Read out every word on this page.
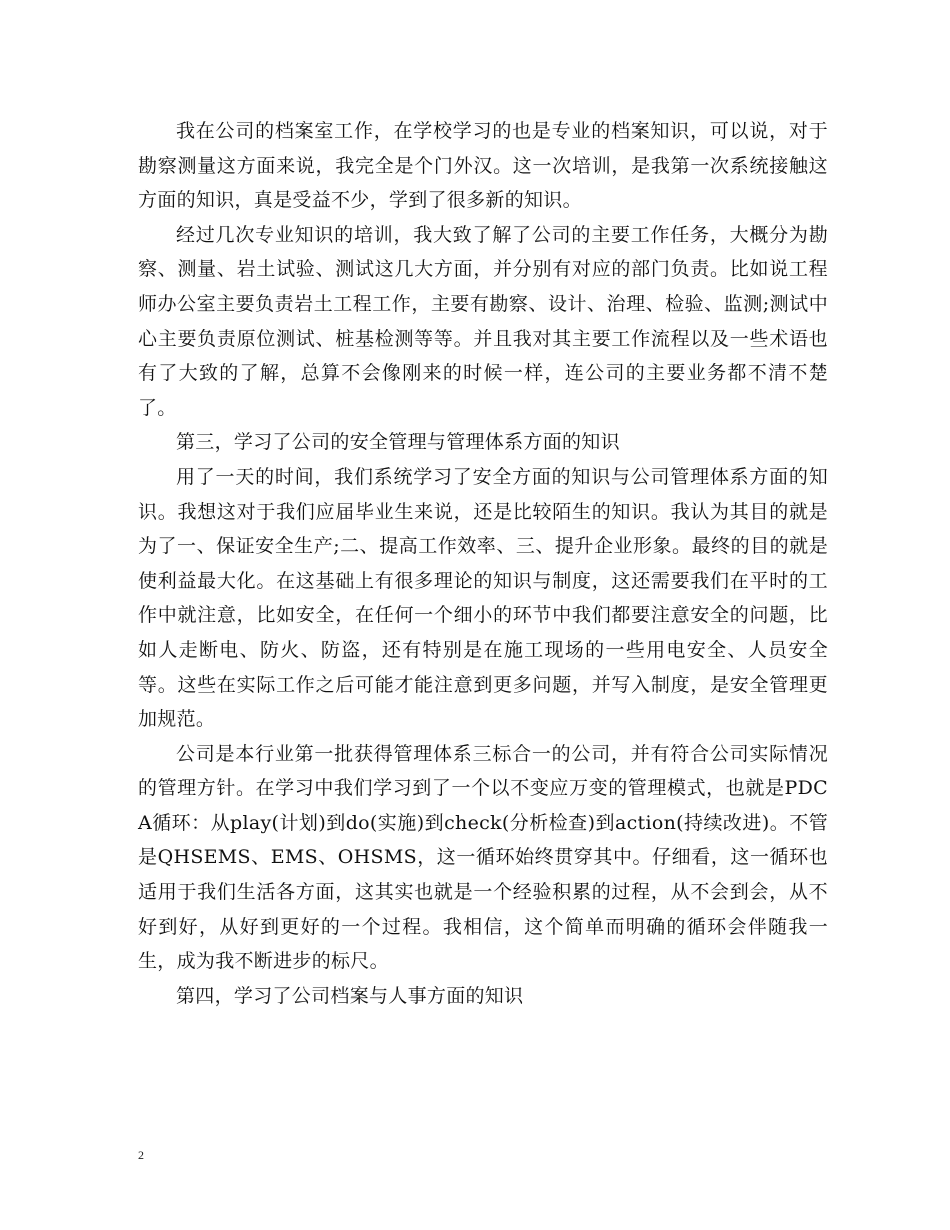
我在公司的档案室工作，在学校学习的也是专业的档案知识，可以说，对于勘察测量这方面来说，我完全是个门外汉。这一次培训，是我第一次系统接触这方面的知识，真是受益不少，学到了很多新的知识。

经过几次专业知识的培训，我大致了解了公司的主要工作任务，大概分为勘察、测量、岩土试验、测试这几大方面，并分别有对应的部门负责。比如说工程师办公室主要负责岩土工程工作，主要有勘察、设计、治理、检验、监测;测试中心主要负责原位测试、桩基检测等等。并且我对其主要工作流程以及一些术语也有了大致的了解，总算不会像刚来的时候一样，连公司的主要业务都不清不楚了。

第三，学习了公司的安全管理与管理体系方面的知识

用了一天的时间，我们系统学习了安全方面的知识与公司管理体系方面的知识。我想这对于我们应届毕业生来说，还是比较陌生的知识。我认为其目的就是为了一、保证安全生产;二、提高工作效率、三、提升企业形象。最终的目的就是使利益最大化。在这基础上有很多理论的知识与制度，这还需要我们在平时的工作中就注意，比如安全，在任何一个细小的环节中我们都要注意安全的问题，比如人走断电、防火、防盗，还有特别是在施工现场的一些用电安全、人员安全等。这些在实际工作之后可能才能注意到更多问题，并写入制度，是安全管理更加规范。

公司是本行业第一批获得管理体系三标合一的公司，并有符合公司实际情况的管理方针。在学习中我们学习到了一个以不变应万变的管理模式，也就是PDCA循环：从play(计划)到do(实施)到check(分析检查)到action(持续改进)。不管是QHSEMS、EMS、OHSMS，这一循环始终贯穿其中。仔细看，这一循环也适用于我们生活各方面，这其实也就是一个经验积累的过程，从不会到会，从不好到好，从好到更好的一个过程。我相信，这个简单而明确的循环会伴随我一生，成为我不断进步的标尺。

第四，学习了公司档案与人事方面的知识

2
